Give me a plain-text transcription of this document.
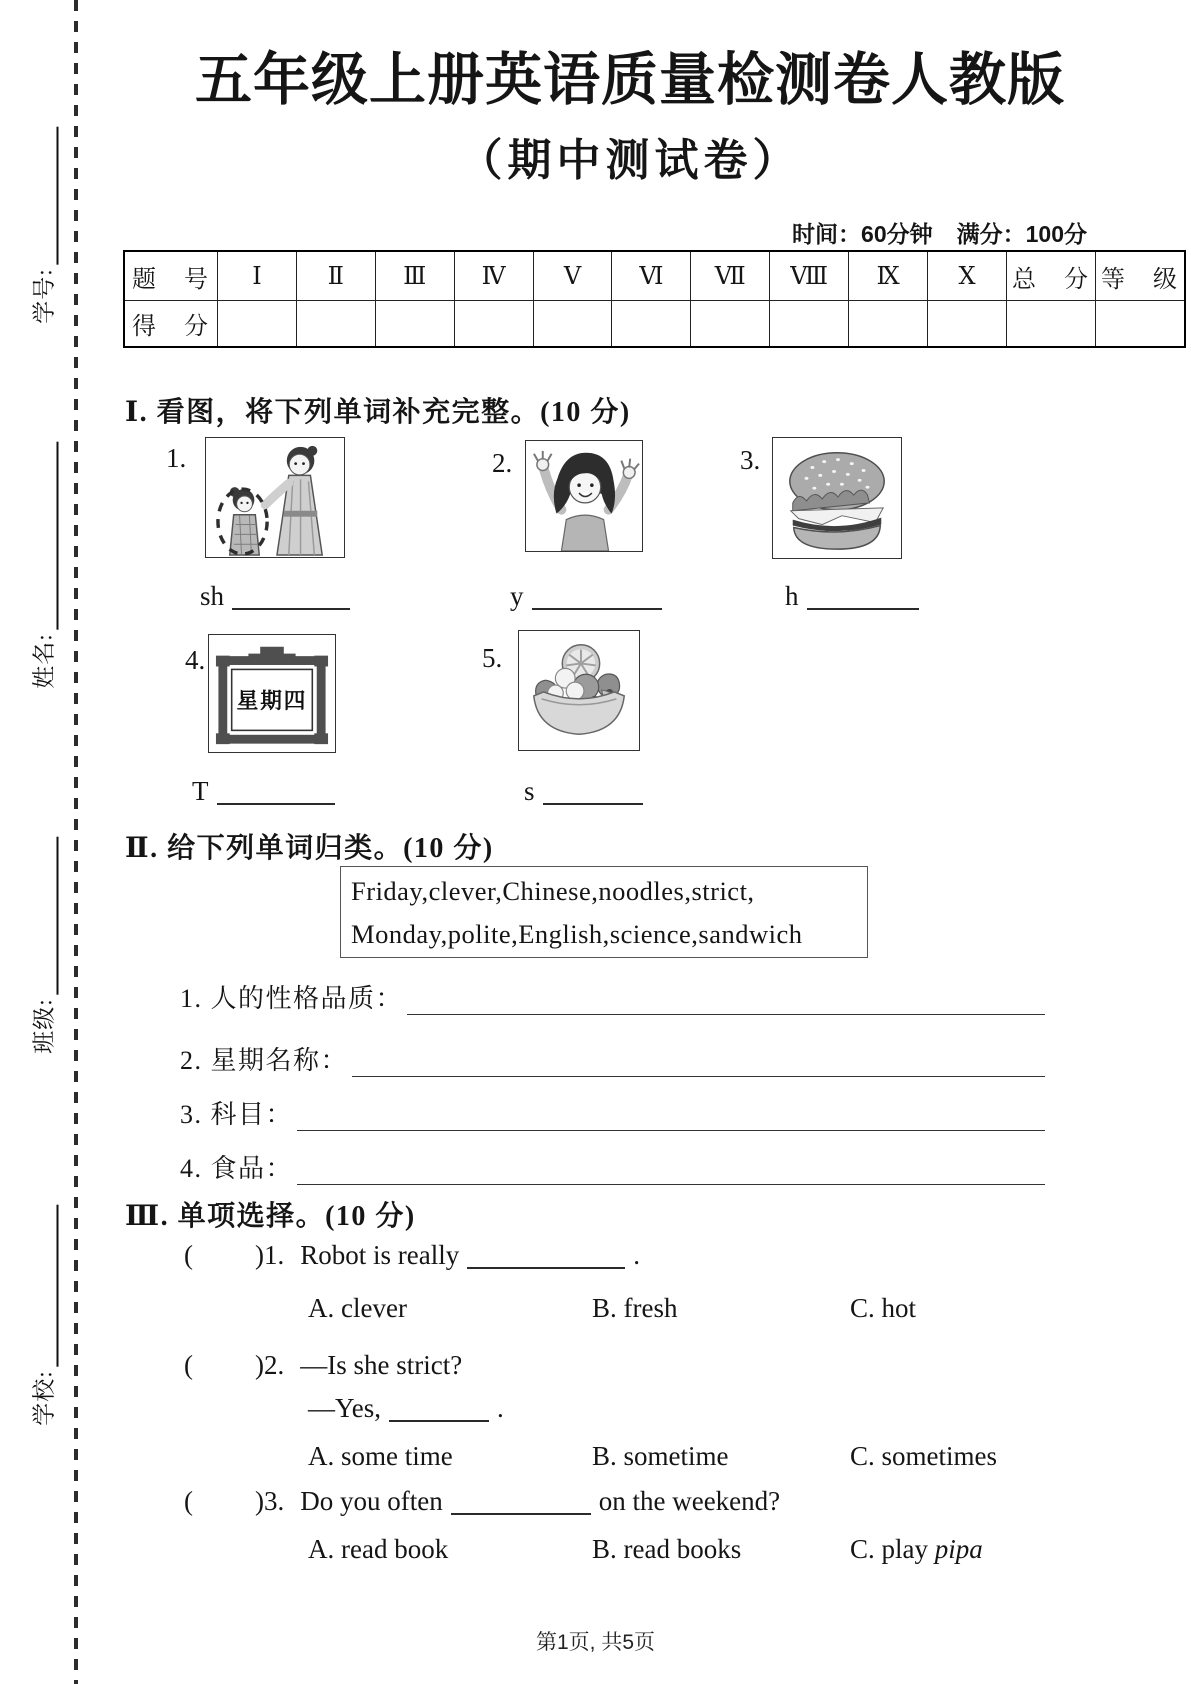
学号:
姓名:
班级:
学校:
五年级上册英语质量检测卷人教版
（期中测试卷）
时间：60分钟 满分：100分
题　号	Ⅰ	Ⅱ	Ⅲ	Ⅳ	Ⅴ	Ⅵ	Ⅶ	Ⅷ	Ⅸ	Ⅹ	总　分	等　级
得　分												
Ⅰ. 看图，将下列单词补充完整。(10 分)
1.	2.	3.
sh	y	h
4.
星期四
5.
T	s
Ⅱ. 给下列单词归类。(10 分)
Friday,clever,Chinese,noodles,strict,
Monday,polite,English,science,sandwich
1. 人的性格品质：
2. 星期名称：
3. 科目：
4. 食品：
Ⅲ. 单项选择。(10 分)
( )1. Robot is really	.
A. clever	B. fresh	C. hot
( )2. —Is she strict?
—Yes,	.
A. some time	B. sometime	C. sometimes
( )3. Do you often	on the weekend?
A. read book	B. read books	C. play pipa
第1页, 共5页
